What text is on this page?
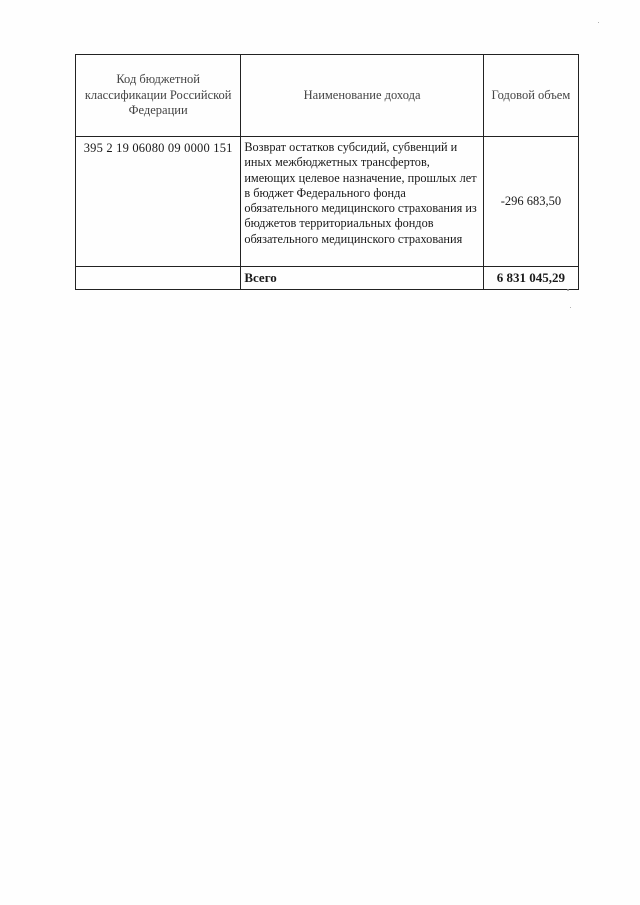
Код бюджетной классификации Российской Федерации	Наименование дохода	Годовой объем
395 2 19 06080 09 0000 151	Возврат остатков субсидий, субвенций и иных межбюджетных трансфертов, имеющих целевое назначение, прошлых лет в бюджет Федерального фонда обязательного медицинского страхования из бюджетов территориальных фондов обязательного медицинского страхования	-296 683,50
	Всего	6 831 045,29
